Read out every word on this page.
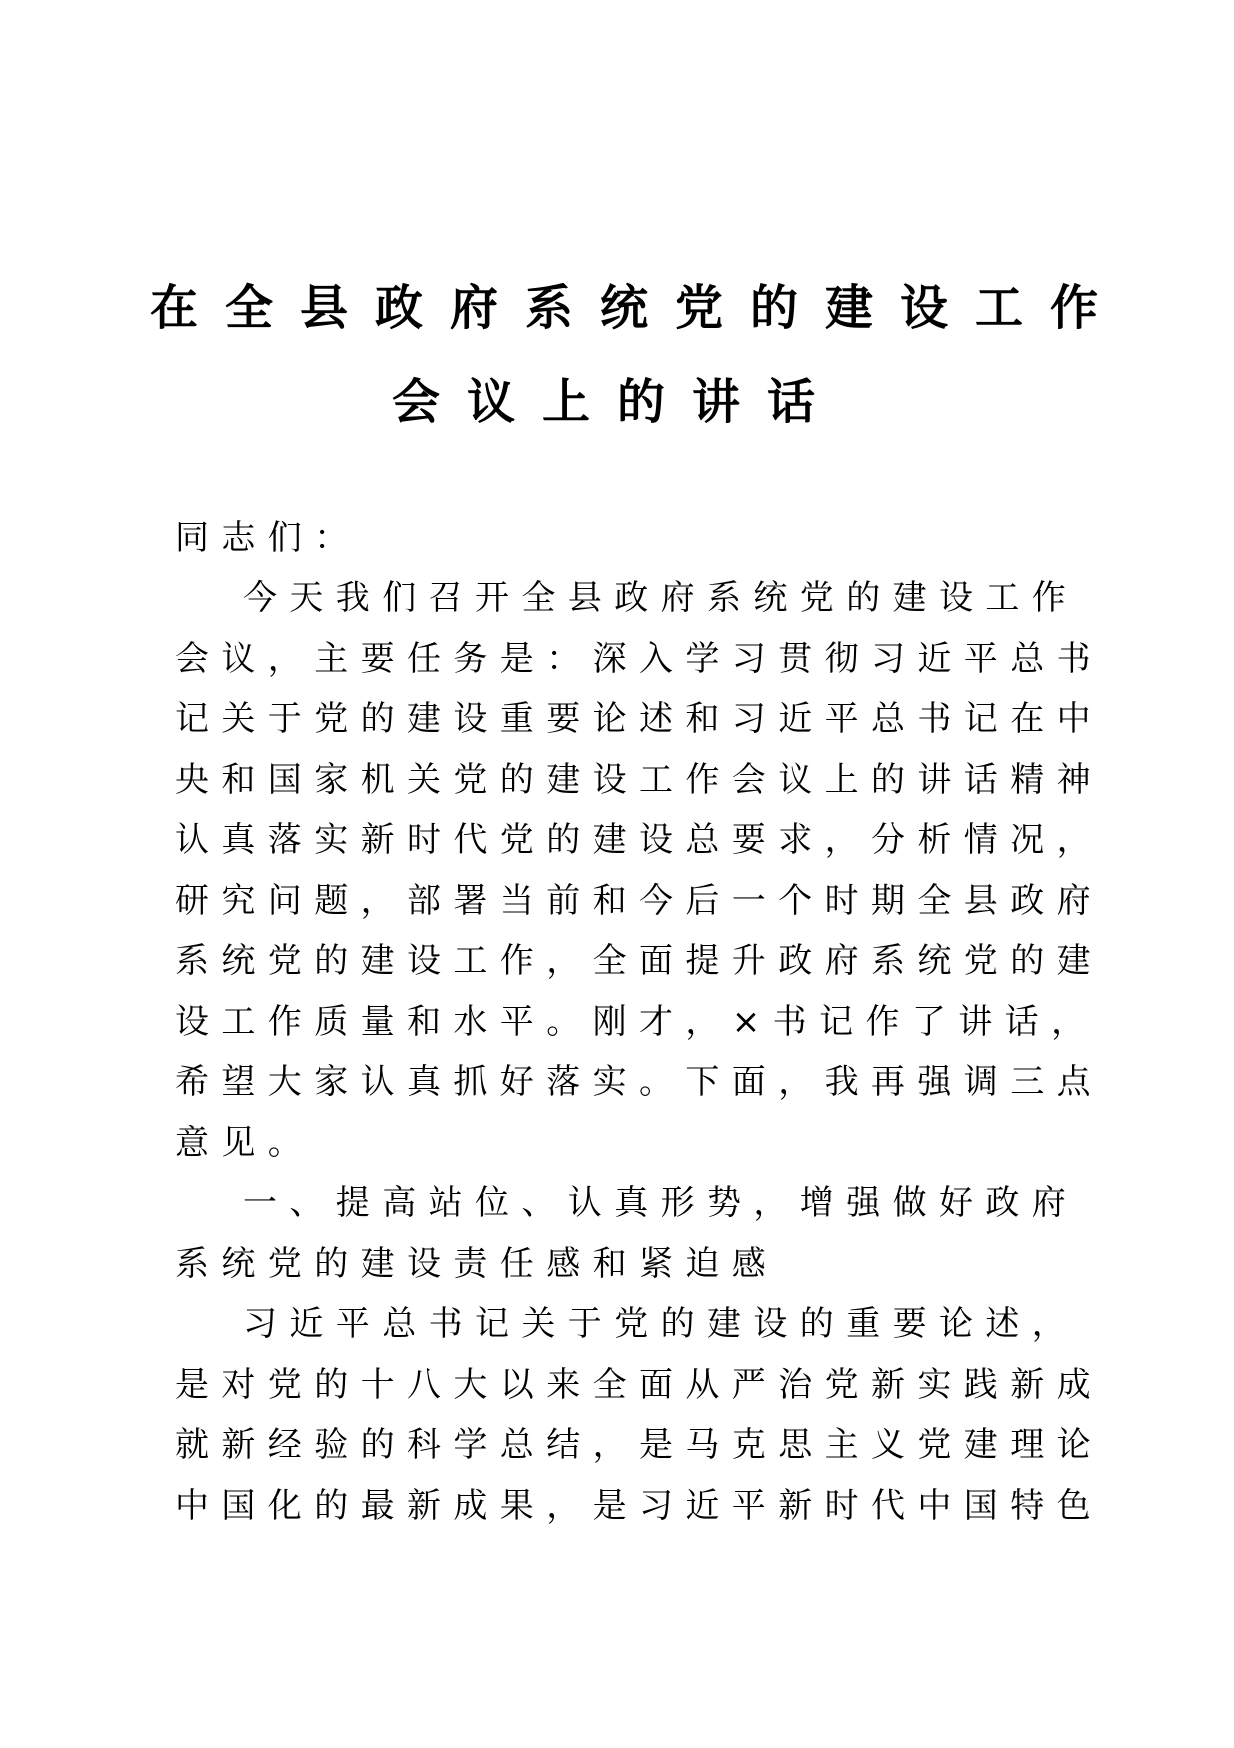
在全县政府系统党的建设工作
会议上的讲话
同志们：
今天我们召开全县政府系统党的建设工作
会议，主要任务是：深入学习贯彻习近平总书
记关于党的建设重要论述和习近平总书记在中
央和国家机关党的建设工作会议上的讲话精神
认真落实新时代党的建设总要求，分析情况，
研究问题，部署当前和今后一个时期全县政府
系统党的建设工作，全面提升政府系统党的建
设工作质量和水平。刚才，×书记作了讲话，
希望大家认真抓好落实。下面，我再强调三点
意见。
一、提高站位、认真形势，增强做好政府
系统党的建设责任感和紧迫感
习近平总书记关于党的建设的重要论述，
是对党的十八大以来全面从严治党新实践新成
就新经验的科学总结，是马克思主义党建理论
中国化的最新成果，是习近平新时代中国特色
